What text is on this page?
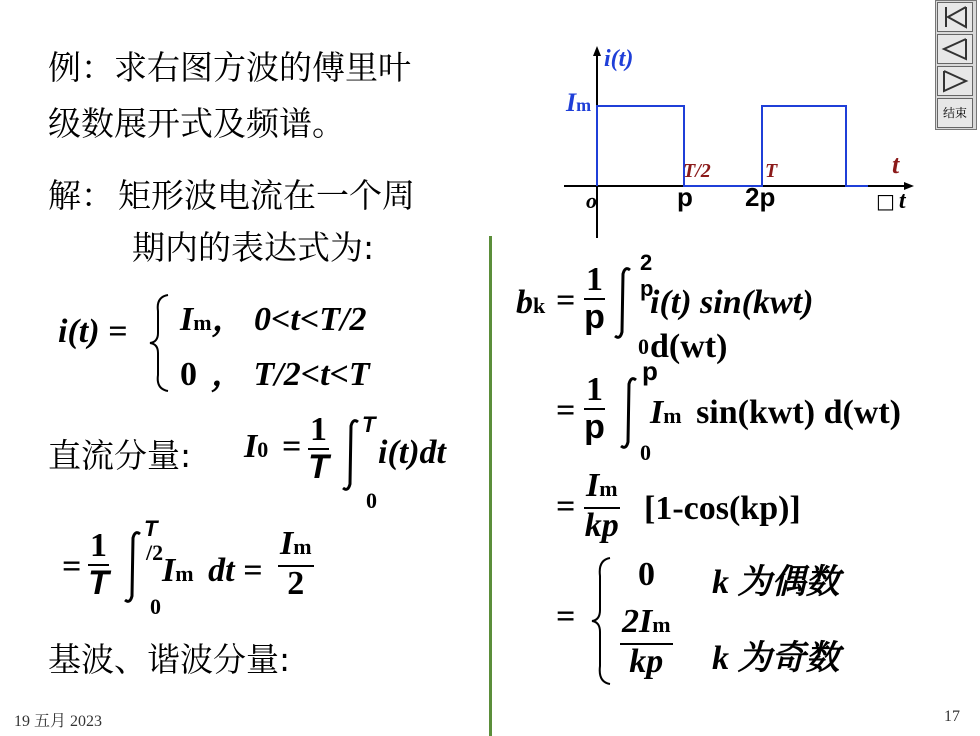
例：求右图方波的傅里叶
级数展开式及频谱。
解： 矩形波电流在一个周
期内的表达式为:
i(t) = Im， 0<t<T/2
0 ， T/2<t<T
直流分量: $I0 = \frac{1}{T}$ T
0
i(t)dt
= $\frac{1}{T}$ T
/2
0
Im dt = $\frac{Im}{2}$
基波、谐波分量:
i(t)
Im
T/2	T	t
o	p 2p	□ t
bk = $\frac{1}{p} 2$
p
i(t) sin(kwt)
0 d(wt)
= $\frac{1}{p}$
p
0
Im sin(kwt) d(wt)
= $\frac{Im}{kp} [1-\cos(kp)]$
=
0 k 为偶数
$\frac{2Im}{kp}$ k 为奇数
结束
19 五月 2023	17
